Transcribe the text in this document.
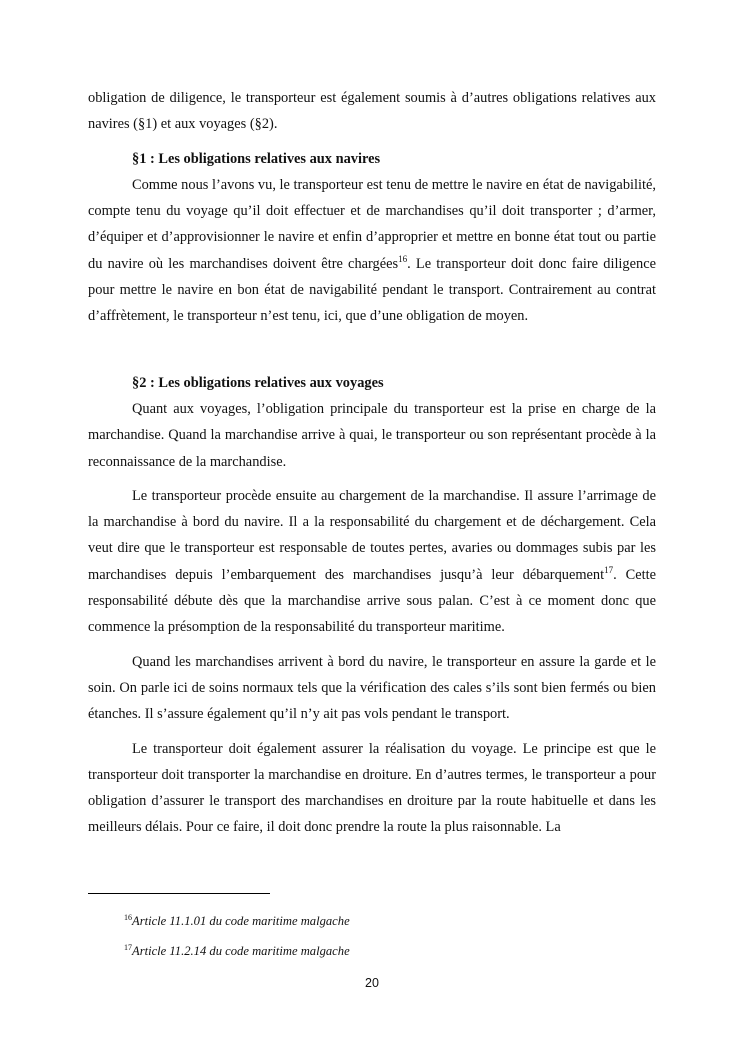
obligation de diligence, le transporteur est également soumis à d’autres obligations relatives aux navires (§1) et aux voyages (§2).

§1 : Les obligations relatives aux navires

Comme nous l’avons vu, le transporteur est tenu de mettre le navire en état de navigabilité, compte tenu du voyage qu’il doit effectuer et de marchandises qu’il doit transporter ; d’armer, d’équiper et d’approvisionner le navire et enfin d’approprier et mettre en bonne état tout ou partie du navire où les marchandises doivent être chargées$^{16}$. Le transporteur doit donc faire diligence pour mettre le navire en bon état de navigabilité pendant le transport. Contrairement au contrat d’affrètement, le transporteur n’est tenu, ici, que d’une obligation de moyen.

§2 : Les obligations relatives aux voyages

Quant aux voyages, l’obligation principale du transporteur est la prise en charge de la marchandise. Quand la marchandise arrive à quai, le transporteur ou son représentant procède à la reconnaissance de la marchandise.

Le transporteur procède ensuite au chargement de la marchandise. Il assure l’arrimage de la marchandise à bord du navire. Il a la responsabilité du chargement et de déchargement. Cela veut dire que le transporteur est responsable de toutes pertes, avaries ou dommages subis par les marchandises depuis l’embarquement des marchandises jusqu’à leur débarquement$^{17}$. Cette responsabilité débute dès que la marchandise arrive sous palan. C’est à ce moment donc que commence la présomption de la responsabilité du transporteur maritime.

Quand les marchandises arrivent à bord du navire, le transporteur en assure la garde et le soin. On parle ici de soins normaux tels que la vérification des cales s’ils sont bien fermés ou bien étanches. Il s’assure également qu’il n’y ait pas vols pendant le transport.

Le transporteur doit également assurer la réalisation du voyage. Le principe est que le transporteur doit transporter la marchandise en droiture. En d’autres termes, le transporteur a pour obligation d’assurer le transport des marchandises en droiture par la route habituelle et dans les meilleurs délais. Pour ce faire, il doit donc prendre la route la plus raisonnable. La

$^{16}$Article 11.1.01 du code maritime malgache
$^{17}$Article 11.2.14 du code maritime malgache
20
